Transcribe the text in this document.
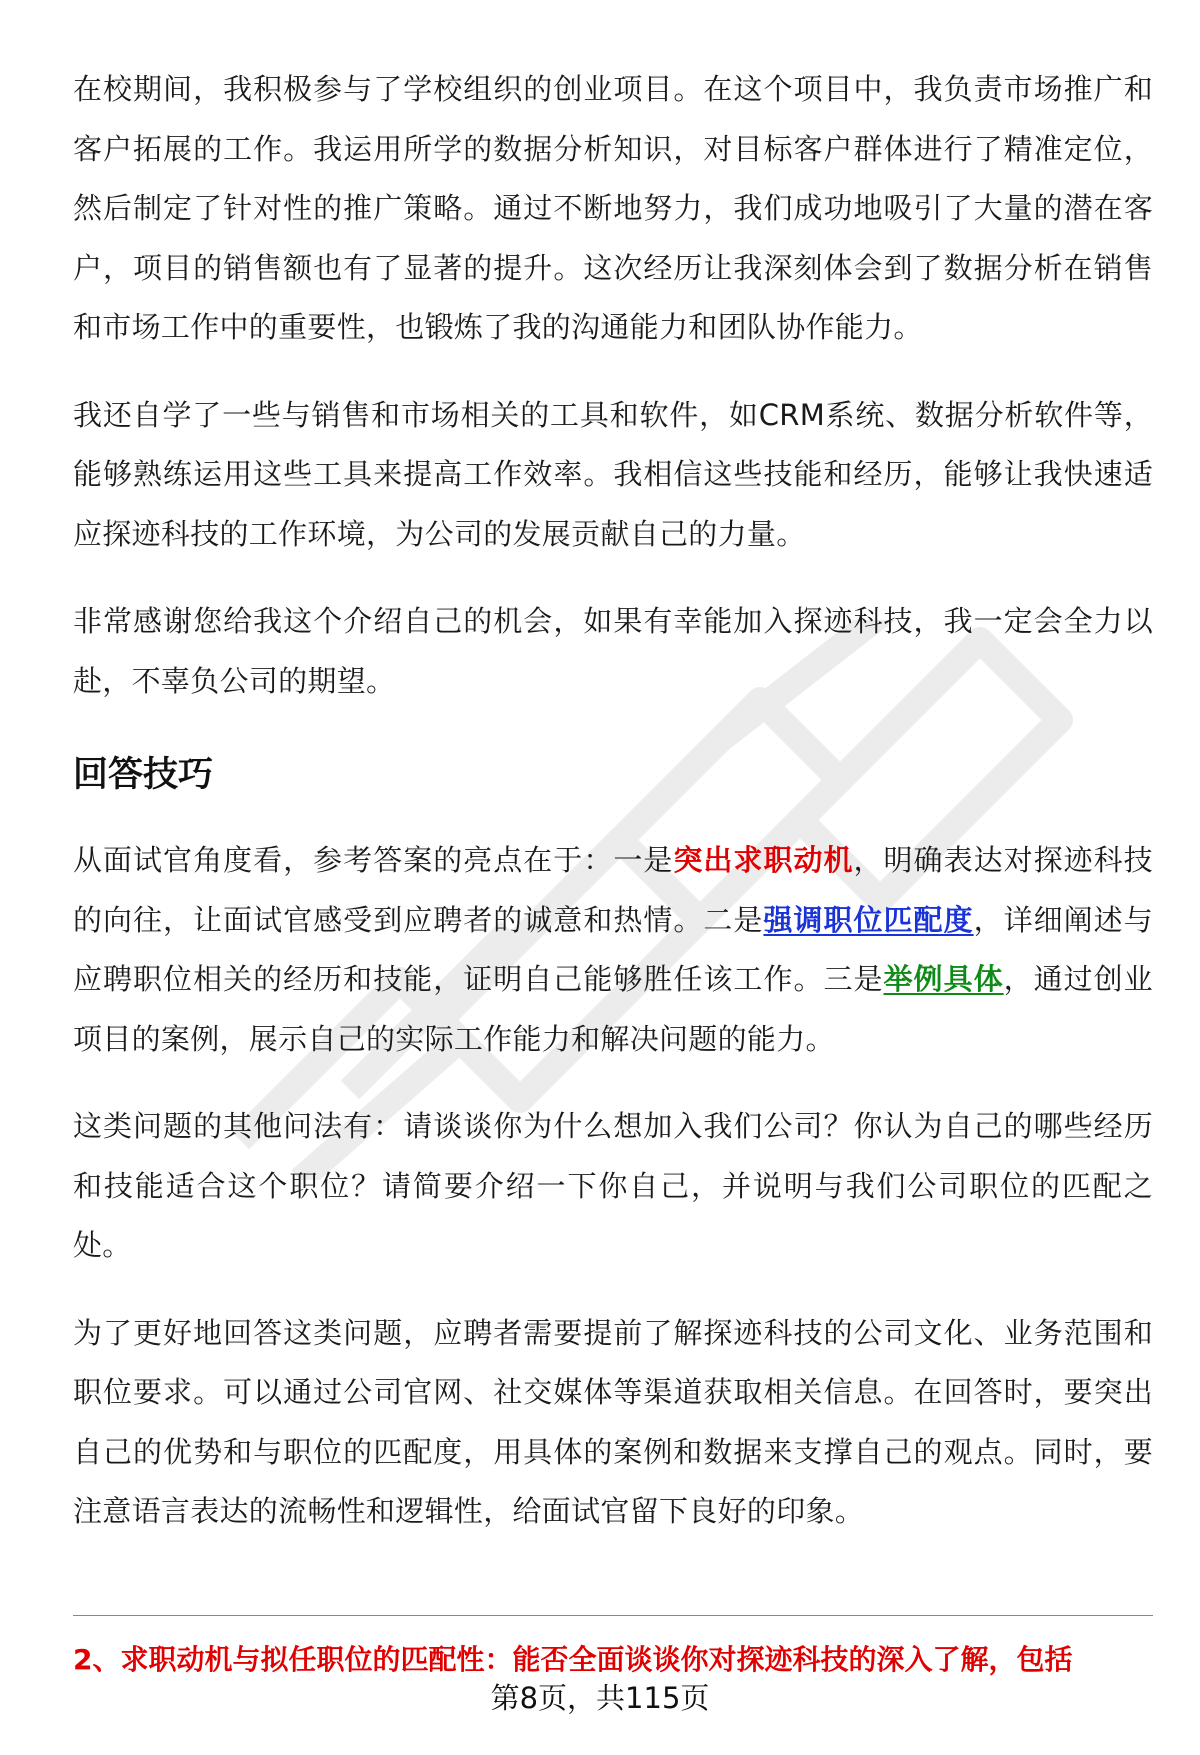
在校期间，我积极参与了学校组织的创业项目。在这个项目中，我负责市场推广和客户拓展的工作。我运用所学的数据分析知识，对目标客户群体进行了精准定位，然后制定了针对性的推广策略。通过不断地努力，我们成功地吸引了大量的潜在客户，项目的销售额也有了显著的提升。这次经历让我深刻体会到了数据分析在销售和市场工作中的重要性，也锻炼了我的沟通能力和团队协作能力。

我还自学了一些与销售和市场相关的工具和软件，如CRM系统、数据分析软件等，能够熟练运用这些工具来提高工作效率。我相信这些技能和经历，能够让我快速适应探迹科技的工作环境，为公司的发展贡献自己的力量。

非常感谢您给我这个介绍自己的机会，如果有幸能加入探迹科技，我一定会全力以赴，不辜负公司的期望。

回答技巧

从面试官角度看，参考答案的亮点在于：一是突出求职动机，明确表达对探迹科技的向往，让面试官感受到应聘者的诚意和热情。二是强调职位匹配度，详细阐述与应聘职位相关的经历和技能，证明自己能够胜任该工作。三是举例具体，通过创业项目的案例，展示自己的实际工作能力和解决问题的能力。

这类问题的其他问法有：请谈谈你为什么想加入我们公司？你认为自己的哪些经历和技能适合这个职位？请简要介绍一下你自己，并说明与我们公司职位的匹配之处。

为了更好地回答这类问题，应聘者需要提前了解探迹科技的公司文化、业务范围和职位要求。可以通过公司官网、社交媒体等渠道获取相关信息。在回答时，要突出自己的优势和与职位的匹配度，用具体的案例和数据来支撑自己的观点。同时，要注意语言表达的流畅性和逻辑性，给面试官留下良好的印象。

2、求职动机与拟任职位的匹配性：能否全面谈谈你对探迹科技的深入了解，包括
第8页，共115页
